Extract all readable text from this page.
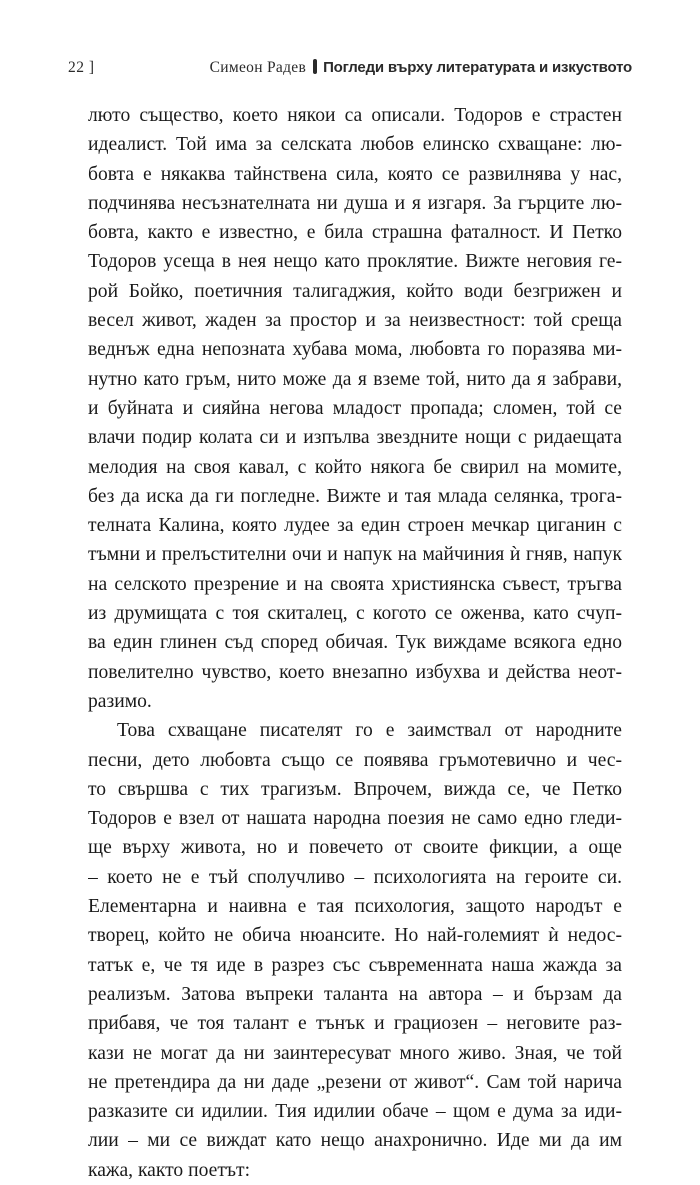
22 ]	Симеон Радев Погледи върху литературата и изкуството
люто същество, което някои са описали. Тодоров е страстен
идеалист. Той има за селската любов елинско схващане: лю-
бовта е някаква тайнствена сила, която се развилнява у нас,
подчинява несъзнателната ни душа и я изгаря. За гърците лю-
бовта, както е известно, е била страшна фаталност. И Петко
Тодоров усеща в нея нещо като проклятие. Вижте неговия ге-
рой Бойко, поетичния талигаджия, който води безгрижен и
весел живот, жаден за простор и за неизвестност: той среща
веднъж една непозната хубава мома, любовта го поразява ми-
нутно като гръм, нито може да я вземе той, нито да я забрави,
и буйната и сияйна негова младост пропада; сломен, той се
влачи подир колата си и изпълва звездните нощи с ридаещата
мелодия на своя кавал, с който някога бе свирил на момите,
без да иска да ги погледне. Вижте и тая млада селянка, трога-
телната Калина, която лудее за един строен мечкар циганин с
тъмни и прелъстителни очи и напук на майчиния ѝ гняв, напук
на селското презрение и на своята християнска съвест, тръгва
из друмищата с тоя скиталец, с когото се оженва, като счуп-
ва един глинен съд според обичая. Тук виждаме всякога едно
повелително чувство, което внезапно избухва и действа неот-
разимо.
Това схващане писателят го е заимствал от народните
песни, дето любовта също се появява гръмотевично и чес-
то свършва с тих трагизъм. Впрочем, вижда се, че Петко
Тодоров е взел от нашата народна поезия не само едно гледи-
ще върху живота, но и повечето от своите фикции, а още
– което не е тъй сполучливо – психологията на героите си.
Елементарна и наивна е тая психология, защото народът е
творец, който не обича нюансите. Но най-големият ѝ недос-
татък е, че тя иде в разрез със съвременната наша жажда за
реализъм. Затова въпреки таланта на автора – и бързам да
прибавя, че тоя талант е тънък и грациозен – неговите раз-
кази не могат да ни заинтересуват много живо. Зная, че той
не претендира да ни даде „резени от живот“. Сам той нарича
разказите си идилии. Тия идилии обаче – щом е дума за иди-
лии – ми се виждат като нещо анахронично. Иде ми да им
кажа, както поетът:
